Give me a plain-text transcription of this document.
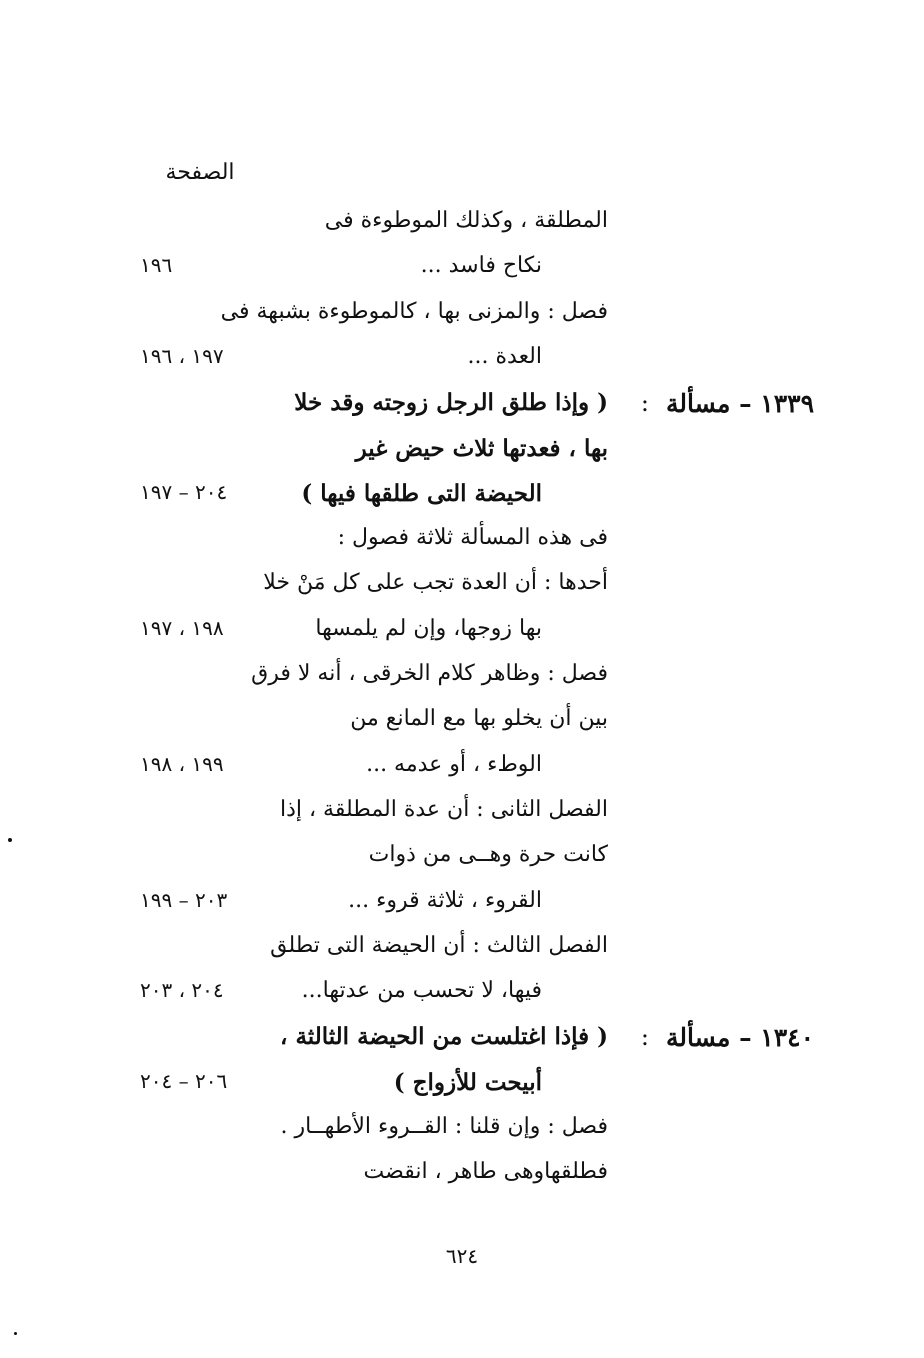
الصفحة
المطلقة ، وكذلك الموطوءة فى
نكاح فاسد ...
١٩٦
فصل : والمزنى بها ، كالموطوءة بشبهة فى
العدة ...
١٩٧ ، ١٩٦
١٣٣٩ – مسألة
:
( وإذا طلق الرجل زوجته وقد خلا
بها ، فعدتها ثلاث حيض غير
الحيضة التى طلقها فيها )
٢٠٤ – ١٩٧
فى هذه المسألة ثلاثة فصول :
أحدها : أن العدة تجب على كل مَنْ خلا
بها زوجها، وإن لم يلمسها
١٩٨ ، ١٩٧
فصل : وظاهر كلام الخرقى ، أنه لا فرق
بين أن يخلو بها مع المانع من
الوطء ، أو عدمه ...
١٩٩ ، ١٩٨
الفصل الثانى : أن عدة المطلقة ، إذا
كانت حرة وهــى من ذوات
القروء ، ثلاثة قروء ...
٢٠٣ – ١٩٩
الفصل الثالث : أن الحيضة التى تطلق
فيها، لا تحسب من عدتها...
٢٠٤ ، ٢٠٣
١٣٤٠ – مسألة
:
( فإذا اغتلست من الحيضة الثالثة ،
أبيحت للأزواج )
٢٠٦ – ٢٠٤
فصل : وإن قلنا : القــروء الأطهــار .
فطلقهاوهى طاهر ، انقضت
٦٢٤
